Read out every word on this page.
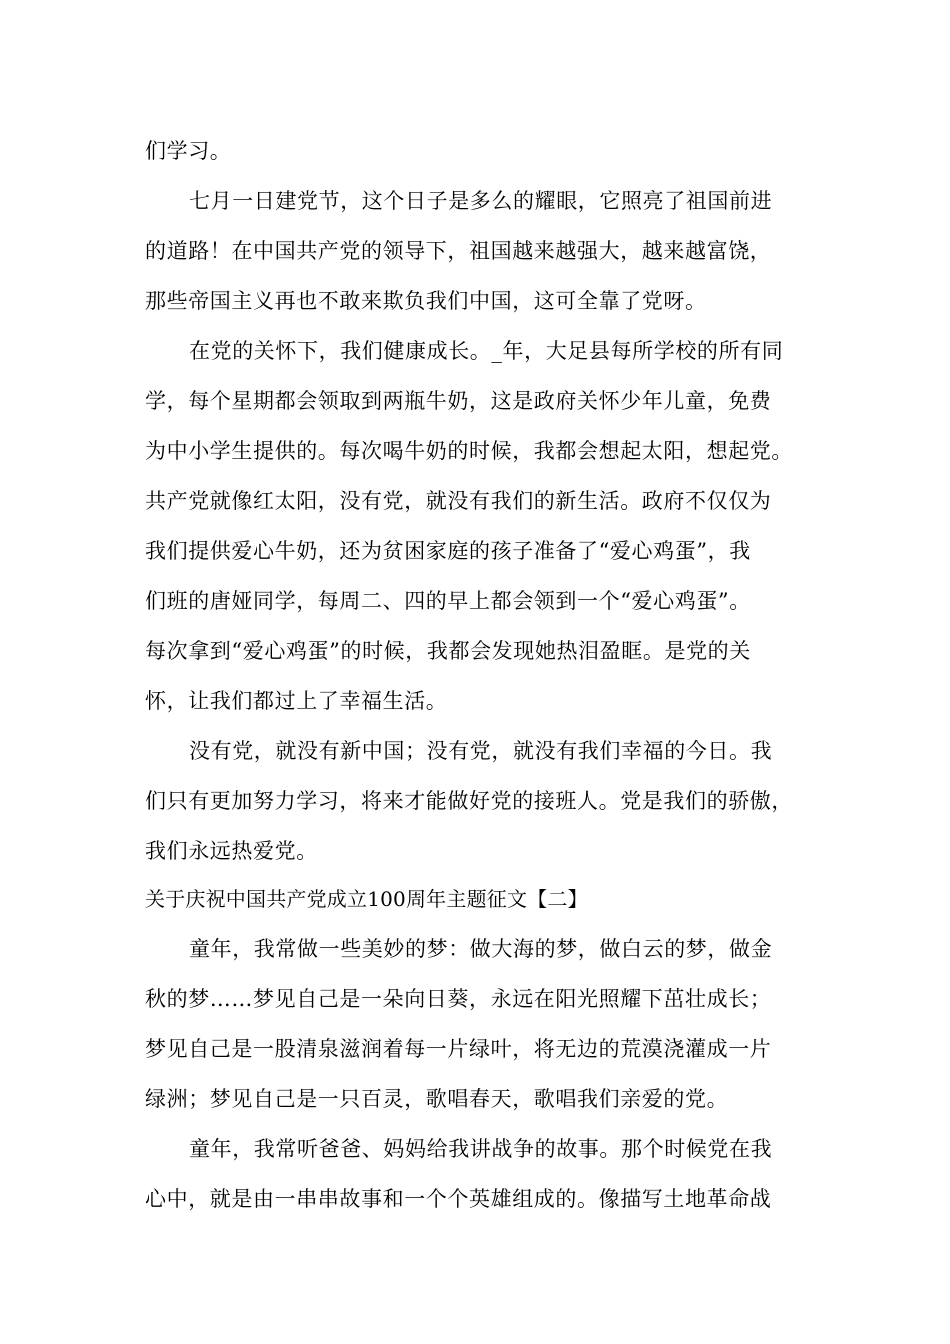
们学习。
七月一日建党节，这个日子是多么的耀眼，它照亮了祖国前进
的道路！在中国共产党的领导下，祖国越来越强大，越来越富饶，
那些帝国主义再也不敢来欺负我们中国，这可全靠了党呀。
在党的关怀下，我们健康成长。_年，大足县每所学校的所有同
学，每个星期都会领取到两瓶牛奶，这是政府关怀少年儿童，免费
为中小学生提供的。每次喝牛奶的时候，我都会想起太阳，想起党。
共产党就像红太阳，没有党，就没有我们的新生活。政府不仅仅为
我们提供爱心牛奶，还为贫困家庭的孩子准备了“爱心鸡蛋”，我
们班的唐娅同学，每周二、四的早上都会领到一个“爱心鸡蛋”。
每次拿到“爱心鸡蛋”的时候，我都会发现她热泪盈眶。是党的关
怀，让我们都过上了幸福生活。
没有党，就没有新中国；没有党，就没有我们幸福的今日。我
们只有更加努力学习，将来才能做好党的接班人。党是我们的骄傲，
我们永远热爱党。
关于庆祝中国共产党成立100周年主题征文【二】
童年，我常做一些美妙的梦：做大海的梦，做白云的梦，做金
秋的梦……梦见自己是一朵向日葵，永远在阳光照耀下茁壮成长；
梦见自己是一股清泉滋润着每一片绿叶，将无边的荒漠浇灌成一片
绿洲；梦见自己是一只百灵，歌唱春天，歌唱我们亲爱的党。
童年，我常听爸爸、妈妈给我讲战争的故事。那个时候党在我
心中，就是由一串串故事和一个个英雄组成的。像描写土地革命战
